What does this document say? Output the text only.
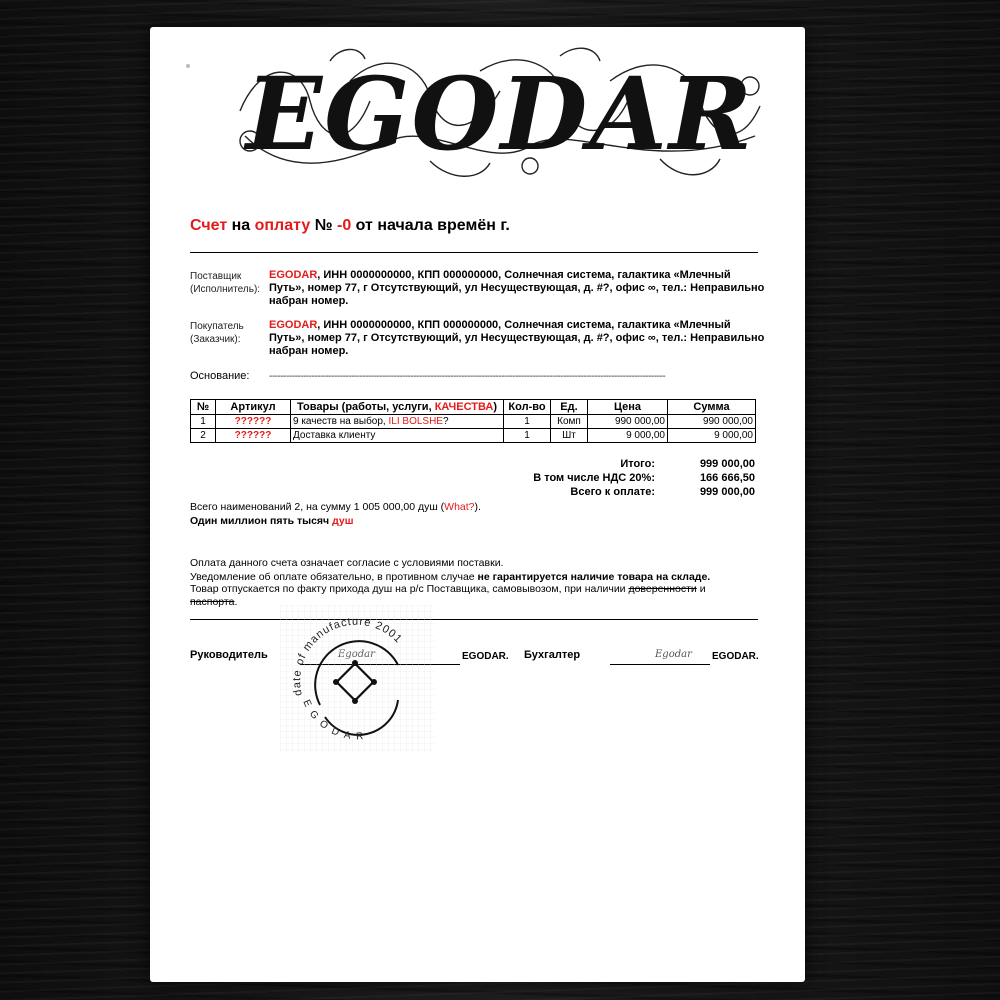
EGODAR
Счет на оплату № -0 от начала времён г.
Поставщик (Исполнитель):
EGODAR, ИНН 0000000000, КПП 000000000, Солнечная система, галактика «Млечный Путь», номер 77, г Отсутствующий, ул Несуществующая, д. #?, офис ∞, тел.: Неправильно набран номер.
Покупатель (Заказчик):
EGODAR, ИНН 0000000000, КПП 000000000, Солнечная система, галактика «Млечный Путь», номер 77, г Отсутствующий, ул Несуществующая, д. #?, офис ∞, тел.: Неправильно набран номер.
Основание: --------------------------------------------------------------------------------------------------------------------------------------------
№	Артикул	Товары (работы, услуги, КАЧЕСТВА)	Кол-во	Ед.	Цена	Сумма
1	??????	9 качеств на выбор, ILI BOLSHE?	1	Комп	990 000,00	990 000,00
2	??????	Доставка клиенту	1	Шт	9 000,00	9 000,00
Итого:	999 000,00
В том числе НДС 20%:	166 666,50
Всего к оплате:	999 000,00
Всего наименований 2, на сумму 1 005 000,00 душ (What?).
Один миллион пять тысяч душ
Оплата данного счета означает согласие с условиями поставки.
Уведомление об оплате обязательно, в противном случае не гарантируется наличие товара на складе.
Товар отпускается по факту прихода душ на р/с Поставщика, самовывозом, при наличии доверенности и паспорта.
Руководитель	EGODAR. Бухгалтер	Egodar EGODAR.
date of manufacture 2001
E G O D A R
